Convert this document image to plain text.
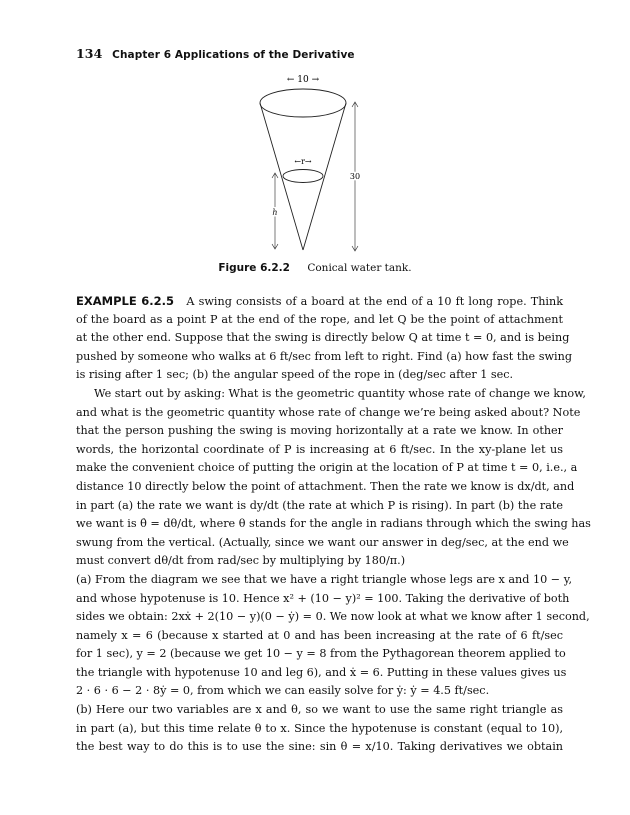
134 Chapter 6 Applications of the Derivative
← 10 →
←r→
h
30
Figure 6.2.2 Conical water tank.
EXAMPLE 6.2.5 A swing consists of a board at the end of a 10 ft long rope. Think
of the board as a point P at the end of the rope, and let Q be the point of attachment
at the other end. Suppose that the swing is directly below Q at time t = 0, and is being
pushed by someone who walks at 6 ft/sec from left to right. Find (a) how fast the swing
is rising after 1 sec; (b) the angular speed of the rope in (deg/sec after 1 sec.
We start out by asking: What is the geometric quantity whose rate of change we know,
and what is the geometric quantity whose rate of change we’re being asked about? Note
that the person pushing the swing is moving horizontally at a rate we know. In other
words, the horizontal coordinate of P is increasing at 6 ft/sec. In the xy-plane let us
make the convenient choice of putting the origin at the location of P at time t = 0, i.e., a
distance 10 directly below the point of attachment. Then the rate we know is dx/dt, and
in part (a) the rate we want is dy/dt (the rate at which P is rising). In part (b) the rate
we want is θ̇ = dθ/dt, where θ stands for the angle in radians through which the swing has
swung from the vertical. (Actually, since we want our answer in deg/sec, at the end we
must convert dθ/dt from rad/sec by multiplying by 180/π.)
(a) From the diagram we see that we have a right triangle whose legs are x and 10 − y,
and whose hypotenuse is 10. Hence x² + (10 − y)² = 100. Taking the derivative of both
sides we obtain: 2xẋ + 2(10 − y)(0 − ẏ) = 0. We now look at what we know after 1 second,
namely x = 6 (because x started at 0 and has been increasing at the rate of 6 ft/sec
for 1 sec), y = 2 (because we get 10 − y = 8 from the Pythagorean theorem applied to
the triangle with hypotenuse 10 and leg 6), and ẋ = 6. Putting in these values gives us
2 · 6 · 6 − 2 · 8ẏ = 0, from which we can easily solve for ẏ: ẏ = 4.5 ft/sec.
(b) Here our two variables are x and θ, so we want to use the same right triangle as
in part (a), but this time relate θ to x. Since the hypotenuse is constant (equal to 10),
the best way to do this is to use the sine: sin θ = x/10. Taking derivatives we obtain
